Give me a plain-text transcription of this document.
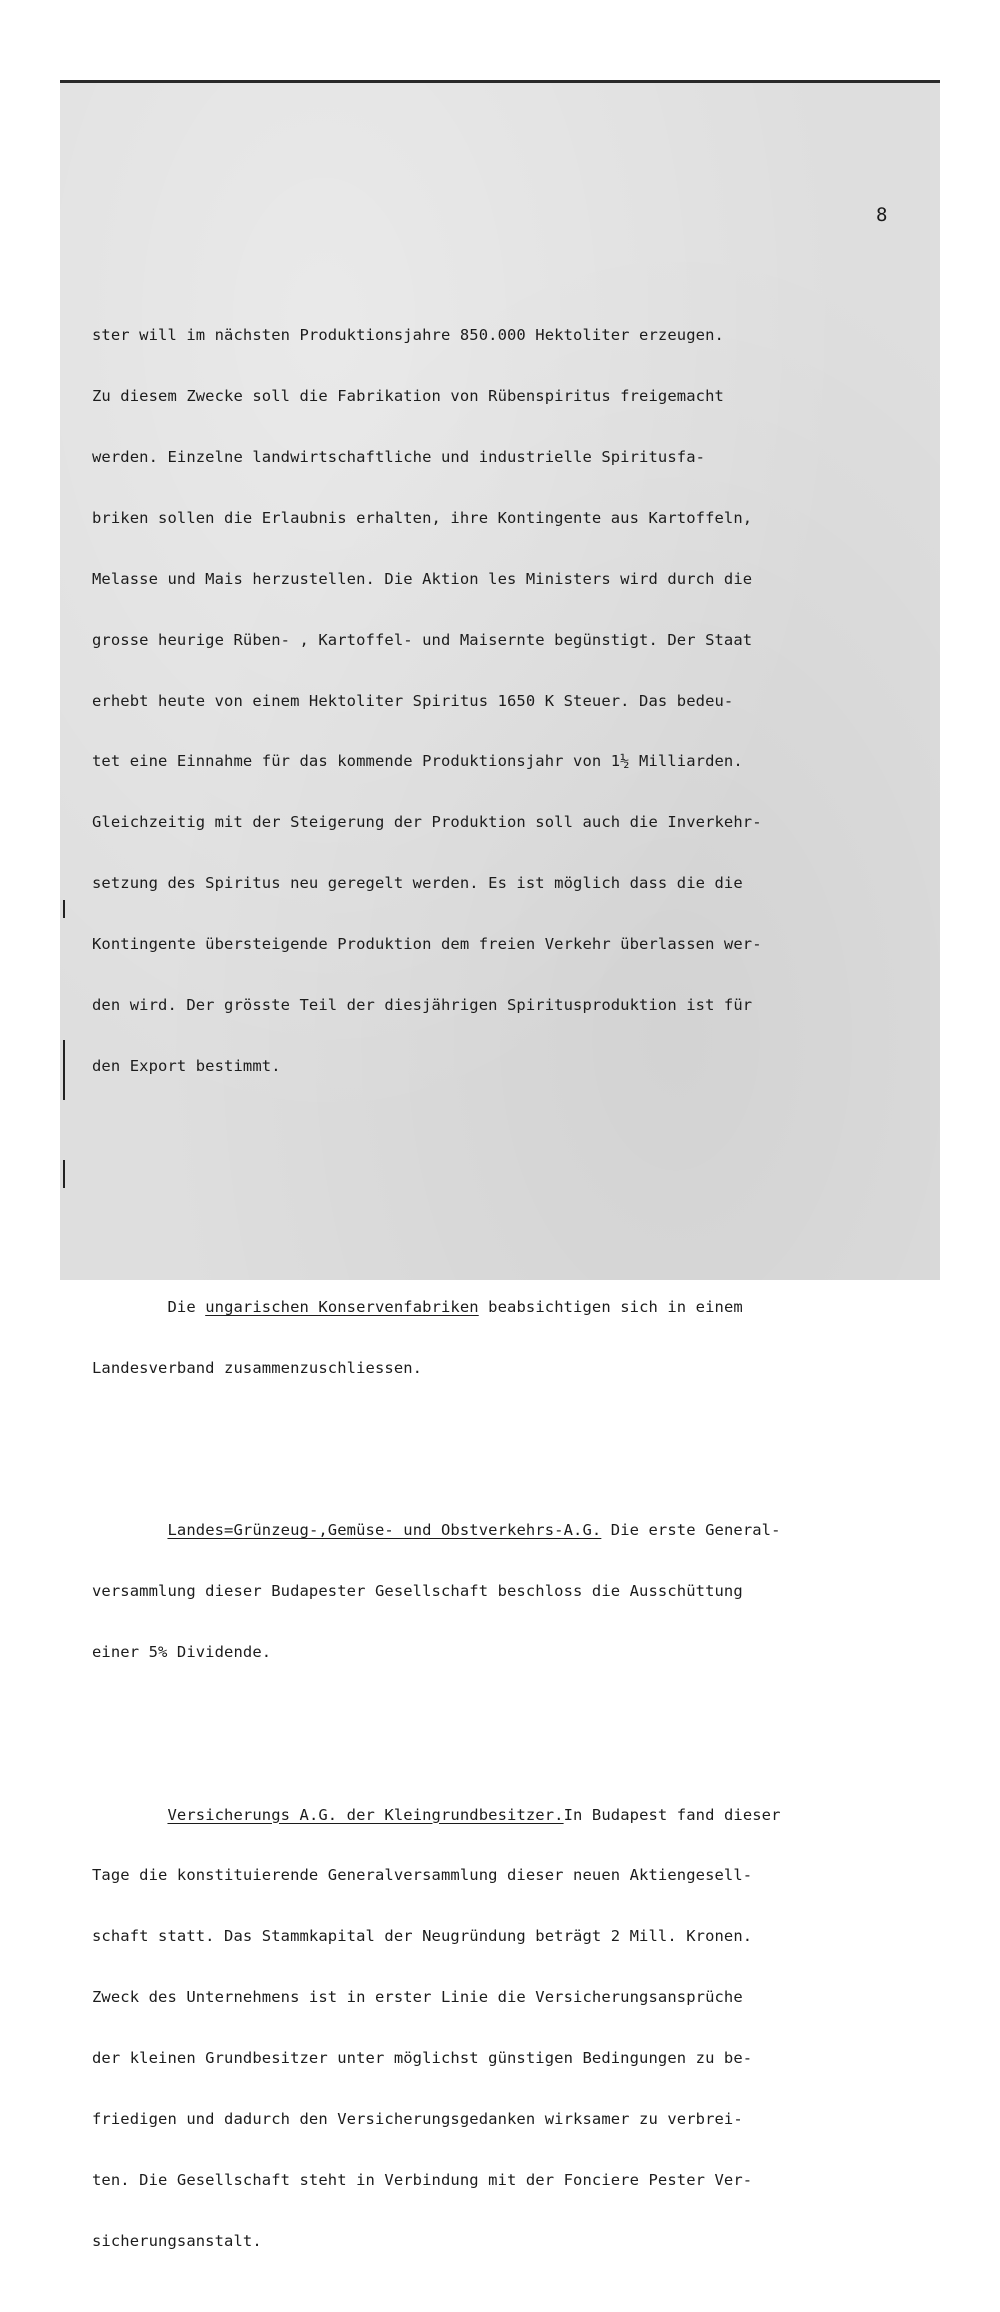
8

ster will im nächsten Produktionsjahre 850.000 Hektoliter erzeugen.

Zu diesem Zwecke soll die Fabrikation von Rübenspiritus freigemacht

werden. Einzelne landwirtschaftliche und industrielle Spiritusfa-

briken sollen die Erlaubnis erhalten, ihre Kontingente aus Kartoffeln,

Melasse und Mais herzustellen. Die Aktion les Ministers wird durch die

grosse heurige Rüben- , Kartoffel- und Maisernte begünstigt. Der Staat

erhebt heute von einem Hektoliter Spiritus 1650 K Steuer. Das bedeu-

tet eine Einnahme für das kommende Produktionsjahr von 1½ Milliarden.

Gleichzeitig mit der Steigerung der Produktion soll auch die Inverkehr-

setzung des Spiritus neu geregelt werden. Es ist möglich dass die die

Kontingente übersteigende Produktion dem freien Verkehr überlassen wer-

den wird. Der grösste Teil der diesjährigen Spiritusproduktion ist für

den Export bestimmt.

Die ungarischen Konservenfabriken beabsichtigen sich in einem

Landesverband zusammenzuschliessen.

Landes=Grünzeug-,Gemüse- und Obstverkehrs-A.G. Die erste General-

versammlung dieser Budapester Gesellschaft beschloss die Ausschüttung

einer 5% Dividende.

Versicherungs A.G. der Kleingrundbesitzer.In Budapest fand dieser

Tage die konstituierende Generalversammlung dieser neuen Aktiengesell-

schaft statt. Das Stammkapital der Neugründung beträgt 2 Mill. Kronen.

Zweck des Unternehmens ist in erster Linie die Versicherungsansprüche

der kleinen Grundbesitzer unter möglichst günstigen Bedingungen zu be-

friedigen und dadurch den Versicherungsgedanken wirksamer zu verbrei-

ten. Die Gesellschaft steht in Verbindung mit der Fonciere Pester Ver-

sicherungsanstalt.
